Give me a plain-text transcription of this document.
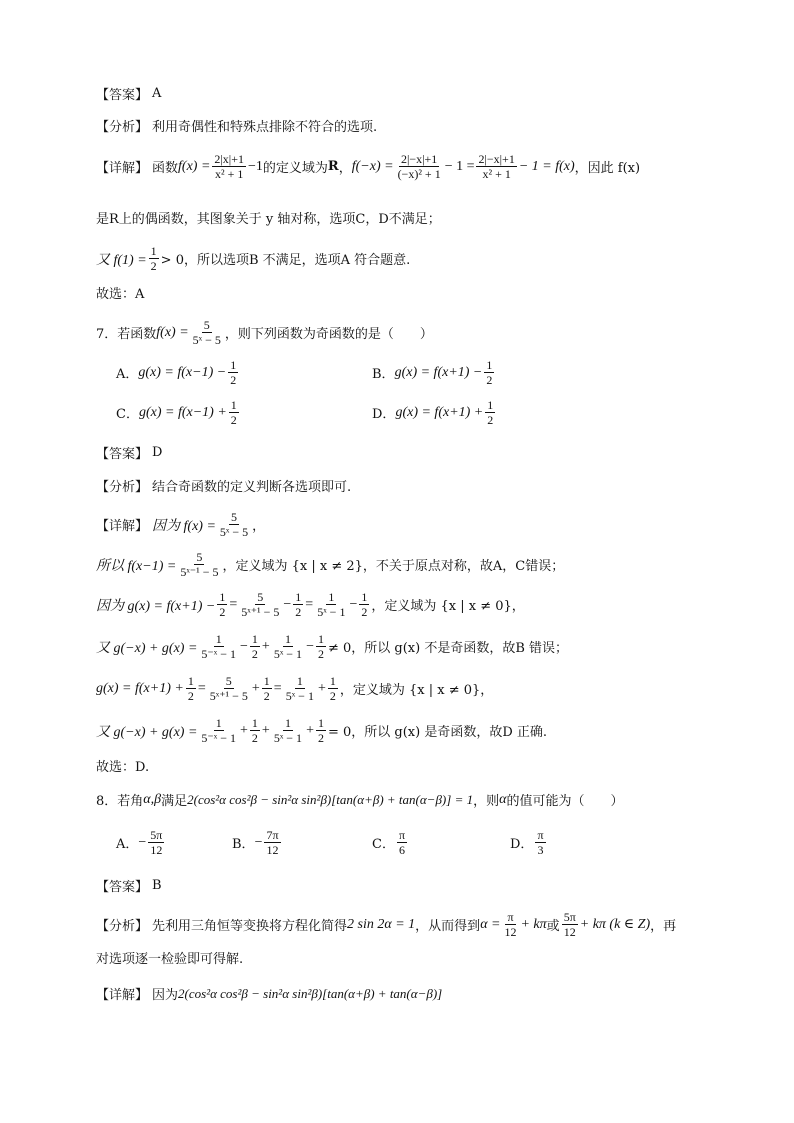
【答案】 A
【分析】 利用奇偶性和特殊点排除不符合的选项.
【详解】 函数 $f(x) = \frac{2|x|+1}{\text{x² + 1}} -1$ 的定义域为 R ， $f(-x) = \frac{2|-x|+1}{\text{(−x)² + 1}} - 1 = \frac{2|-x|+1}{\text{x² + 1}} - 1 = f(x)$ ，因此 f(x)
是R上的偶函数，其图象关于 y 轴对称，选项C，D不满足；
又 $f(1) = \frac{1}{2} > 0$，所以选项B 不满足，选项A 符合题意.
故选：A
7．若函数 $f(x) = \frac{5}{\text{5ˣ − 5}}$ ，则下列函数为奇函数的是（　　）
A． $g(x) = f(x-1) - \frac{1}{2}$	B． $g(x) = f(x+1) - \frac{1}{2}$
C． $g(x) = f(x-1) + \frac{1}{2}$	D． $g(x) = f(x+1) + \frac{1}{2}$
【答案】 D
【分析】 结合奇函数的定义判断各选项即可.
【详解】 因为 $f(x) = \frac{5}{\text{5ˣ − 5}}$ ，
所以 $f(x-1) = \frac{5}{\text{5ˣ⁻¹ − 5}}$ ，定义域为 {x | x ≠ 2}，不关于原点对称，故A，C错误；
因为 $g(x) = f(x+1) - \frac{1}{2} = \frac{5}{\text{5ˣ⁺¹ − 5}} - \frac{1}{2} = \frac{1}{\text{5ˣ − 1}} - \frac{1}{2}$ ，定义域为 {x | x ≠ 0}，
又 $g(-x) + g(x) = \frac{1}{\text{5⁻ˣ − 1}} - \frac{1}{2} + \frac{1}{\text{5ˣ − 1}} - \frac{1}{2} \ne 0$，所以 g(x) 不是奇函数，故B 错误；
$g(x) = f(x+1) + \frac{1}{2} = \frac{5}{\text{5ˣ⁺¹ − 5}} + \frac{1}{2} = \frac{1}{\text{5ˣ − 1}} + \frac{1}{2}$ ，定义域为 {x | x ≠ 0}，
又 $g(-x) + g(x) = \frac{1}{\text{5⁻ˣ − 1}} + \frac{1}{2} + \frac{1}{\text{5ˣ − 1}} + \frac{1}{2} = 0$，所以 g(x) 是奇函数，故D 正确.
故选：D.
8．若角 α,β 满足 2(cos²α cos²β − sin²α sin²β)[tan(α+β) + tan(α−β)] = 1 ，则 α 的值可能为（　　）
A． − $\frac{5\pi}{12}$	B． − $\frac{7\pi}{12}$	C． $\frac{\pi}{6}$	D． $\frac{\pi}{3}$
【答案】 B
【分析】 先利用三角恒等变换将方程化简得 2 sin 2α = 1 ，从而得到 $\alpha = \frac{\pi}{12} + k\pi$ 或 $\frac{5\pi}{12} + k\pi$ (k ∈ Z) ，再
对选项逐一检验即可得解.
【详解】 因为 2(cos²α cos²β − sin²α sin²β)[tan(α+β) + tan(α−β)]
